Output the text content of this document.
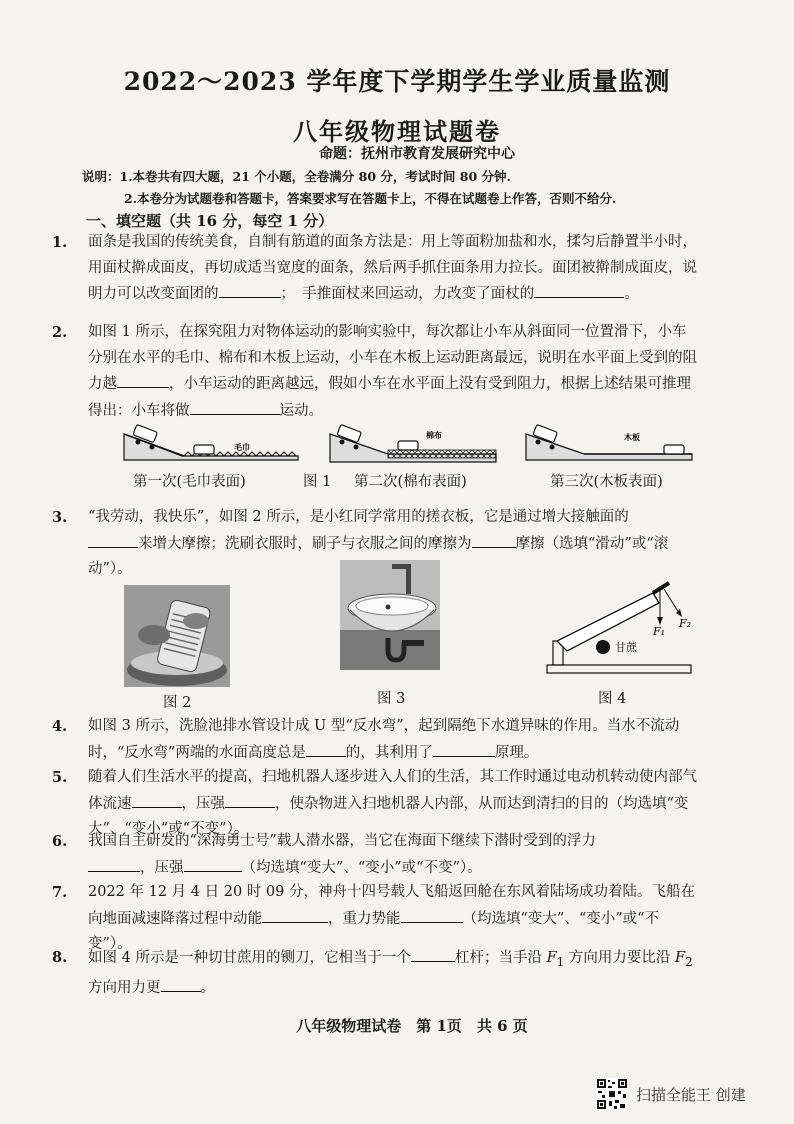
2022～2023 学年度下学期学生学业质量监测
八年级物理试题卷
命题：抚州市教育发展研究中心
说明：1.本卷共有四大题，21 个小题，全卷满分 80 分，考试时间 80 分钟.
2.本卷分为试题卷和答题卡，答案要求写在答题卡上，不得在试题卷上作答，否则不给分.
一、填空题（共 16 分，每空 1 分）
1. 面条是我国的传统美食，自制有筋道的面条方法是：用上等面粉加盐和水，揉匀后静置半小时，用面杖擀成面皮，再切成适当宽度的面条，然后两手抓住面条用力拉长。面团被擀制成面皮，说明力可以改变面团的	；　手推面杖来回运动，力改变了面杖的	。
2. 如图 1 所示，在探究阻力对物体运动的影响实验中，每次都让小车从斜面同一位置滑下，小车分别在水平的毛巾、棉布和木板上运动，小车在木板上运动距离最远，说明在水平面上受到的阻力越	，小车运动的距离越远，假如小车在水平面上没有受到阻力，根据上述结果可推理得出：小车将做	运动。
毛巾
棉布	木板
第一次(毛巾表面)	图 1 第二次(棉布表面)	第三次(木板表面)
3. “我劳动，我快乐”，如图 2 所示，是小红同学常用的搓衣板，它是通过增大接触面的
来增大摩擦；洗刷衣服时，刷子与衣服之间的摩擦为	摩擦（选填“滑动”或“滚动”）。
图 2	图 3
甘蔗
F₁
F₂
图 4
4. 如图 3 所示，洗脸池排水管设计成 U 型“反水弯”，起到隔绝下水道异味的作用。当水不流动时，“反水弯”两端的水面高度总是	的，其利用了	原理。
5. 随着人们生活水平的提高，扫地机器人逐步进入人们的生活，其工作时通过电动机转动使内部气体流速	，压强	，使杂物进入扫地机器人内部，从而达到清扫的目的（均选填“变大”、“变小”或“不变”）。
6. 我国自主研发的“深海勇士号”载人潜水器，当它在海面下继续下潜时受到的浮力
，压强	（均选填“变大”、“变小”或“不变”）。
7. 2022 年 12 月 4 日 20 时 09 分，神舟十四号载人飞船返回舱在东风着陆场成功着陆。飞船在向地面减速降落过程中动能	，重力势能	（均选填“变大”、“变小”或“不变”）。
8. 如图 4 所示是一种切甘蔗用的铡刀，它相当于一个	杠杆；当手沿 $F_1$ 方向用力要比沿 $F_2$ 方向用力更	。
八年级物理试卷　第 1页　共 6 页
扫描全能王 创建
